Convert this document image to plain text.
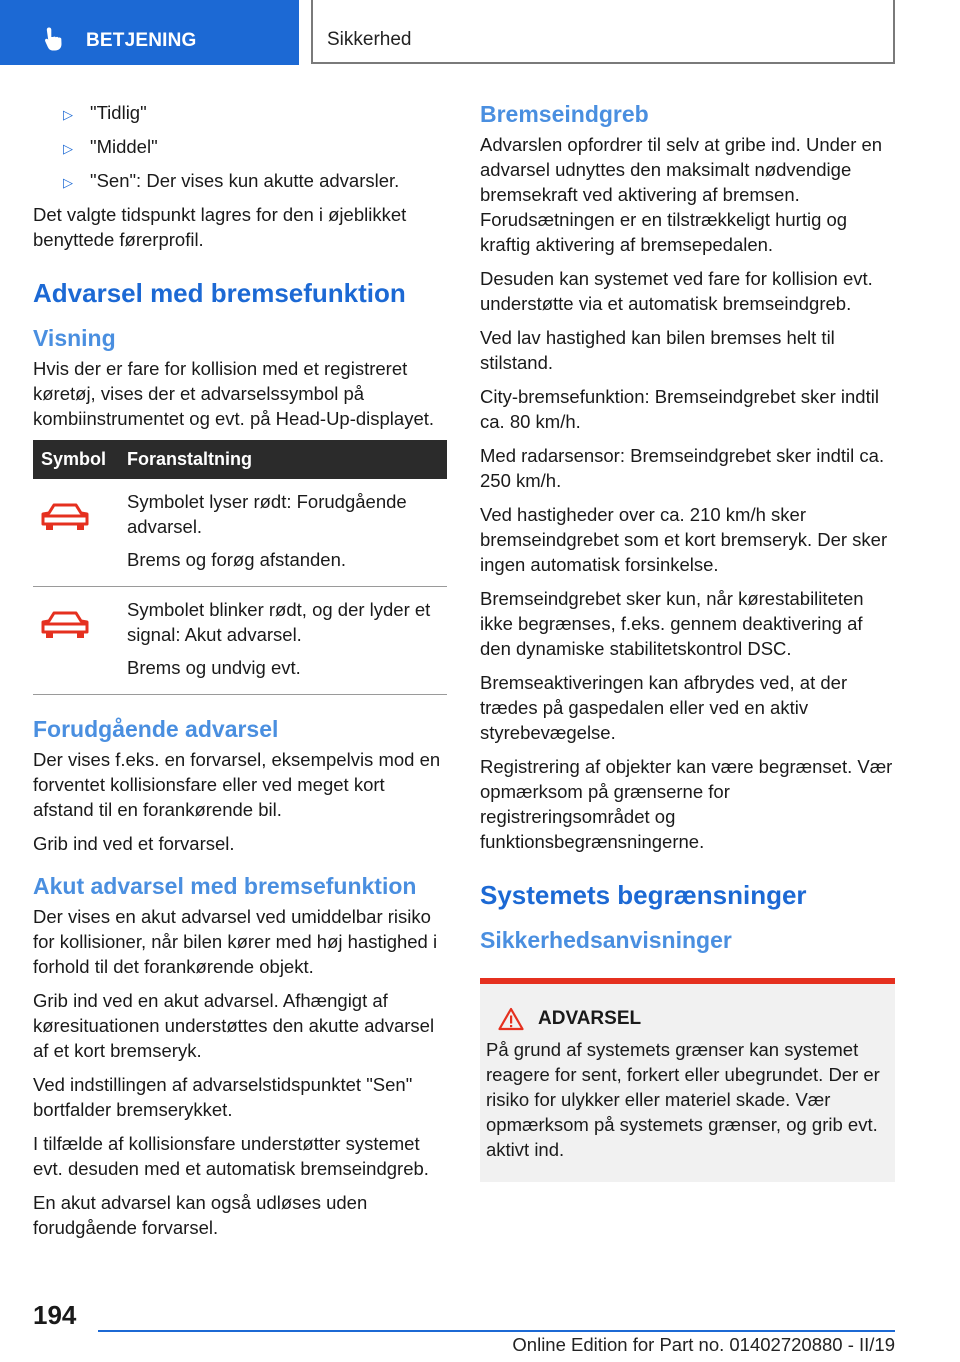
BETJENING	Sikkerhed
▷ "Tidlig"
▷ "Middel"
▷ "Sen": Der vises kun akutte advarsler.

Det valgte tidspunkt lagres for den i øjeblikket benyttede førerprofil.

Advarsel med bremsefunktion
Visning

Hvis der er fare for kollision med et registreret køretøj, vises der et advarselssymbol på kombiinstrumentet og evt. på Head-Up-displayet.

Symbol	Foranstaltning

Symbolet lyser rødt: Forudgående advarsel.

Brems og forøg afstanden.

Symbolet blinker rødt, og der lyder et signal: Akut advarsel.

Brems og undvig evt.

Forudgående advarsel

Der vises f.eks. en forvarsel, eksempelvis mod en forventet kollisionsfare eller ved meget kort afstand til en forankørende bil.

Grib ind ved et forvarsel.

Akut advarsel med bremsefunktion

Der vises en akut advarsel ved umiddelbar risiko for kollisioner, når bilen kører med høj hastighed i forhold til det forankørende objekt.

Grib ind ved en akut advarsel. Afhængigt af køresituationen understøttes den akutte advarsel af et kort bremseryk.

Ved indstillingen af advarselstidspunktet "Sen" bortfalder bremserykket.

I tilfælde af kollisionsfare understøtter systemet evt. desuden med et automatisk bremseindgreb.

En akut advarsel kan også udløses uden forudgående forvarsel.

Bremseindgreb

Advarslen opfordrer til selv at gribe ind. Under en advarsel udnyttes den maksimalt nødvendige bremsekraft ved aktivering af bremsen. Forudsætningen er en tilstrækkeligt hurtig og kraftig aktivering af bremsepedalen.

Desuden kan systemet ved fare for kollision evt. understøtte via et automatisk bremseindgreb.

Ved lav hastighed kan bilen bremses helt til stilstand.

City-bremsefunktion: Bremseindgrebet sker indtil ca. 80 km/h.

Med radarsensor: Bremseindgrebet sker indtil ca. 250 km/h.

Ved hastigheder over ca. 210 km/h sker bremseindgrebet som et kort bremseryk. Der sker ingen automatisk forsinkelse.

Bremseindgrebet sker kun, når kørestabiliteten ikke begrænses, f.eks. gennem deaktivering af den dynamiske stabilitetskontrol DSC.

Bremseaktiveringen kan afbrydes ved, at der trædes på gaspedalen eller ved en aktiv styrebevægelse.

Registrering af objekter kan være begrænset. Vær opmærksom på grænserne for registreringsområdet og funktionsbegrænsningerne.

Systemets begrænsninger
Sikkerhedsanvisninger
ADVARSEL

På grund af systemets grænser kan systemet reagere for sent, forkert eller ubegrundet. Der er risiko for ulykker eller materiel skade. Vær opmærksom på systemets grænser, og grib evt. aktivt ind.

194
Online Edition for Part no. 01402720880 - II/19
